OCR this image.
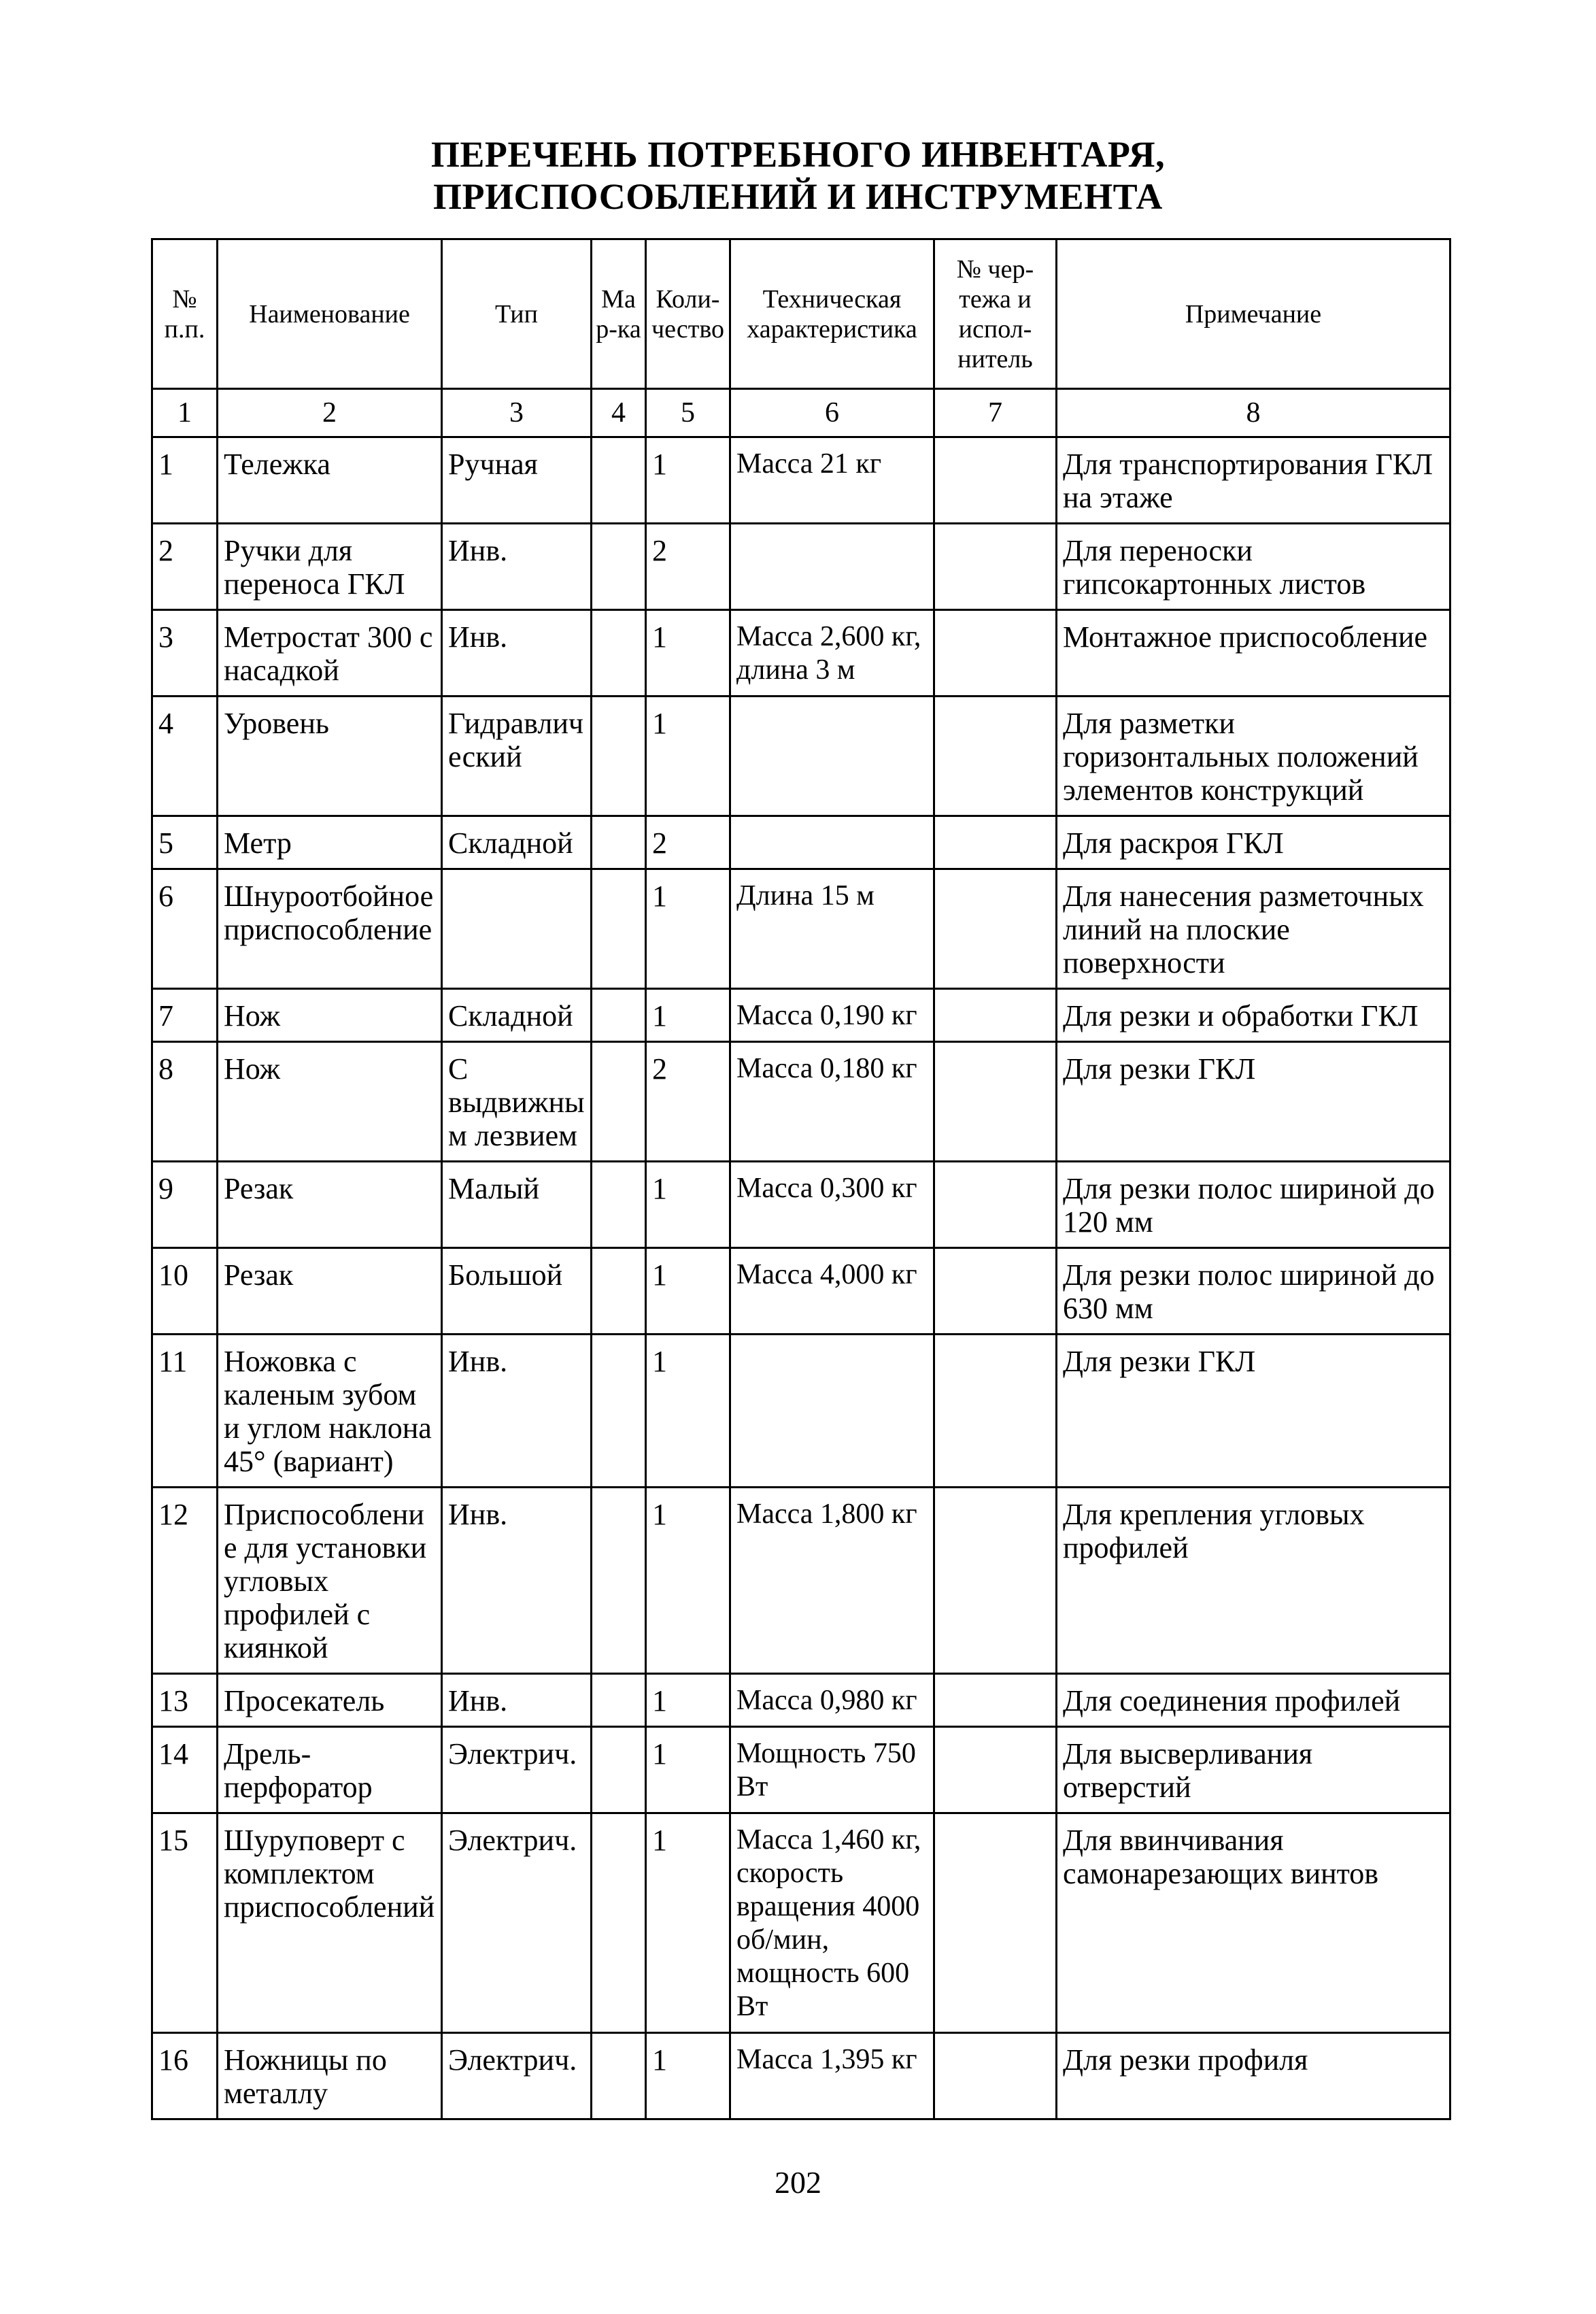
ПЕРЕЧЕНЬ ПОТРЕБНОГО ИНВЕНТАРЯ,
ПРИСПОСОБЛЕНИЙ И ИНСТРУМЕНТА
№ п.п.	Наименование	Тип	Мар-ка	Коли-чество	Техническая характеристика	№ чер-тежа и испол-нитель	Примечание
1	2	3	4	5	6	7	8
1	Тележка	Ручная		1	Масса 21 кг		Для транспортирования ГКЛ на этаже
2	Ручки для переноса ГКЛ	Инв.		2			Для переноски гипсокартонных листов
3	Метростат 300 с насадкой	Инв.		1	Масса 2,600 кг, длина 3 м		Монтажное приспособление
4	Уровень	Гидравлический		1			Для разметки горизонтальных положений элементов конструкций
5	Метр	Складной		2			Для раскроя ГКЛ
6	Шнуроотбойное приспособление			1	Длина 15 м		Для нанесения разметочных линий на плоские поверхности
7	Нож	Складной		1	Масса 0,190 кг		Для резки и обработки ГКЛ
8	Нож	С выдвижным лезвием		2	Масса 0,180 кг		Для резки ГКЛ
9	Резак	Малый		1	Масса 0,300 кг		Для резки полос шириной до 120 мм
10	Резак	Большой		1	Масса 4,000 кг		Для резки полос шириной до 630 мм
11	Ножовка с каленым зубом и углом наклона 45° (вариант)	Инв.		1			Для резки ГКЛ
12	Приспособление для установки угловых профилей с киянкой	Инв.		1	Масса 1,800 кг		Для крепления угловых профилей
13	Просекатель	Инв.		1	Масса 0,980 кг		Для соединения профилей
14	Дрель-перфоратор	Электрич.		1	Мощность 750 Вт		Для высверливания отверстий
15	Шуруповерт с комплектом приспособлений	Электрич.		1	Масса 1,460 кг, скорость вращения 4000 об/мин, мощность 600 Вт		Для ввинчивания самонарезающих винтов
16	Ножницы по металлу	Электрич.		1	Масса 1,395 кг		Для резки профиля
202
